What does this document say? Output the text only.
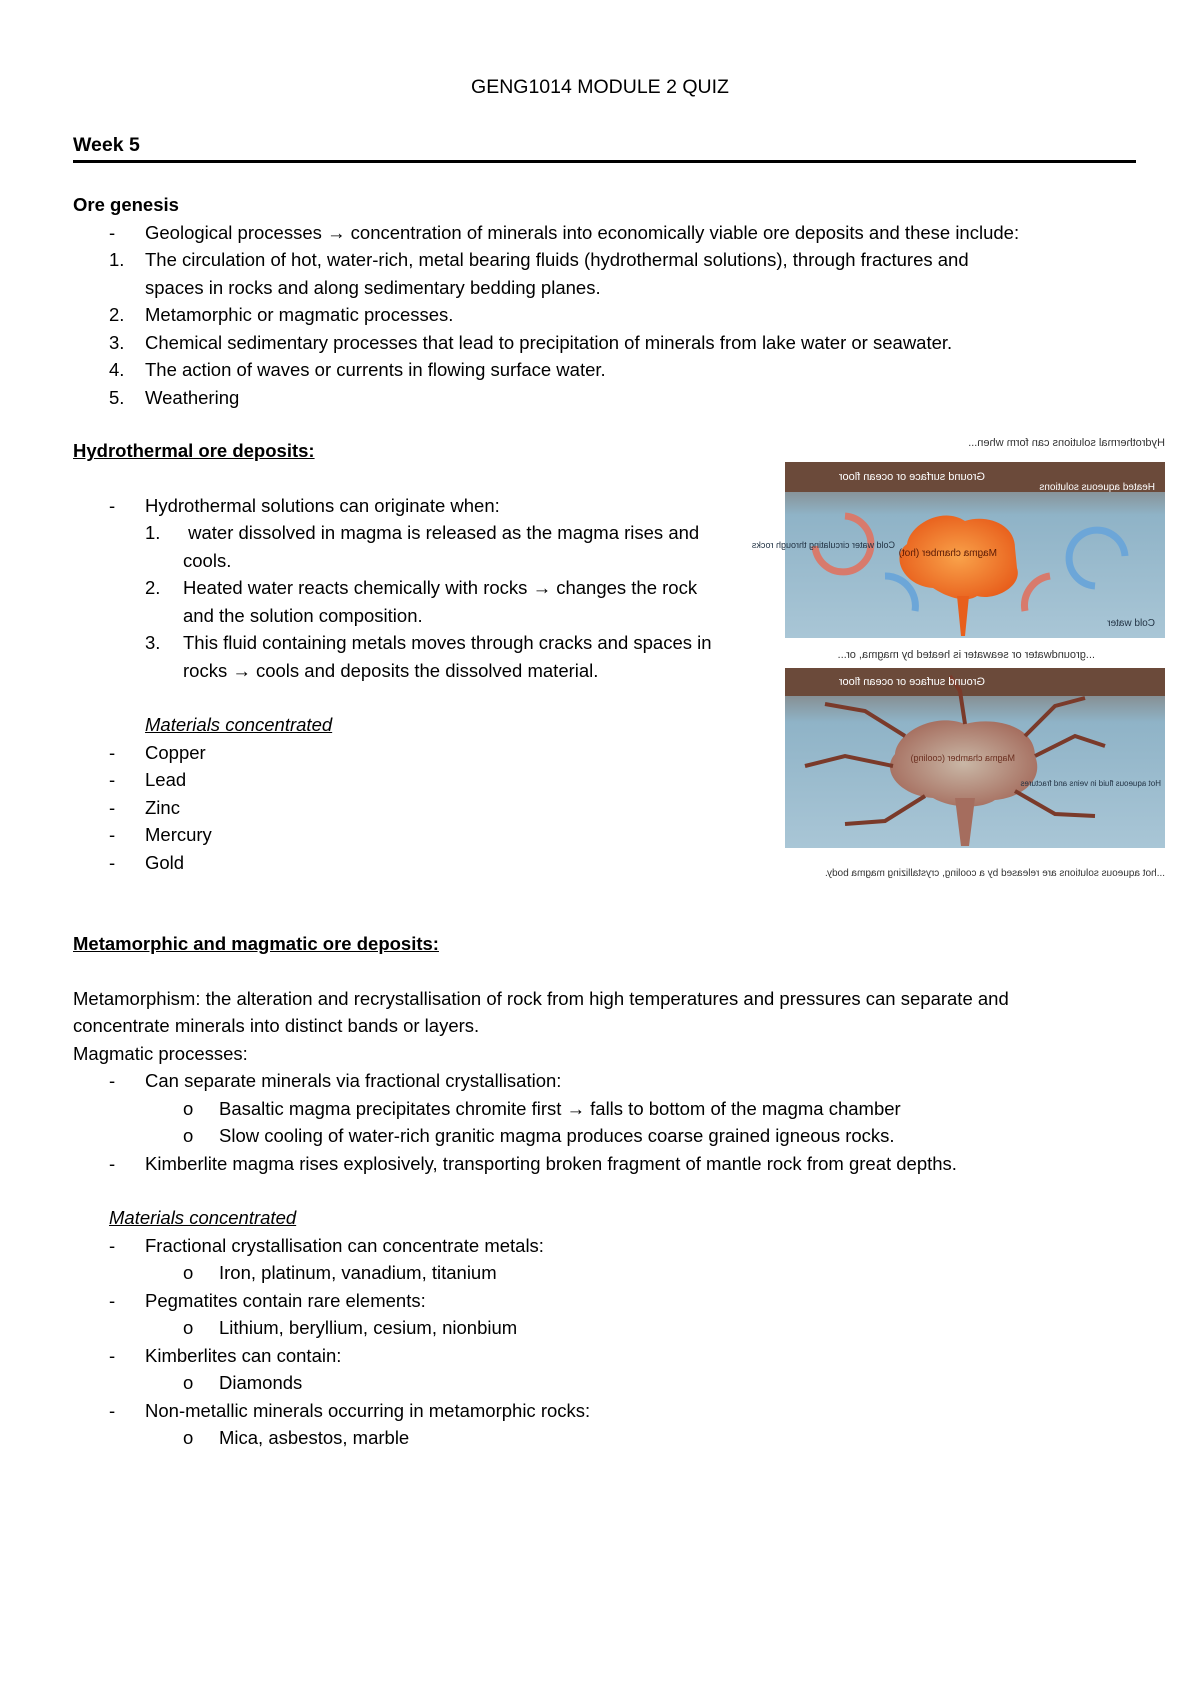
GENG1014 MODULE 2 QUIZ
Week 5
Ore genesis
-	Geological processes → concentration of minerals into economically viable ore deposits and these include:
1.	The circulation of hot, water-rich, metal bearing fluids (hydrothermal solutions), through fractures and
spaces in rocks and along sedimentary bedding planes.
2.	Metamorphic or magmatic processes.
3.	Chemical sedimentary processes that lead to precipitation of minerals from lake water or seawater.
4.	The action of waves or currents in flowing surface water.
5.	Weathering
Hydrothermal ore deposits:
-	Hydrothermal solutions can originate when:
1.	water dissolved in magma is released as the magma rises and
cools.
2.	Heated water reacts chemically with rocks → changes the rock
and the solution composition.
3.	This fluid containing metals moves through cracks and spaces in
rocks → cools and deposits the dissolved material.
Materials concentrated
-	Copper
-	Lead
-	Zinc
-	Mercury
-	Gold
Hydrothermal solutions can form when...
Ground surface or ocean floor
Heated aqueous solutions
Magma chamber (hot)
Cold water circulating through rocks
Cold water
...groundwater or seawater is heated by magma, or...
Ground surface or ocean floor
Magma chamber (cooling)
Hot aqueous fluid in veins and fractures
...hot aqueous solutions are released by a cooling, crystallizing magma body.
Metamorphic and magmatic ore deposits:
Metamorphism: the alteration and recrystallisation of rock from high temperatures and pressures can separate and
concentrate minerals into distinct bands or layers.
Magmatic processes:
-	Can separate minerals via fractional crystallisation:
o	Basaltic magma precipitates chromite first → falls to bottom of the magma chamber
o	Slow cooling of water-rich granitic magma produces coarse grained igneous rocks.
-	Kimberlite magma rises explosively, transporting broken fragment of mantle rock from great depths.
Materials concentrated
-	Fractional crystallisation can concentrate metals:
o	Iron, platinum, vanadium, titanium
-	Pegmatites contain rare elements:
o	Lithium, beryllium, cesium, nionbium
-	Kimberlites can contain:
o	Diamonds
-	Non-metallic minerals occurring in metamorphic rocks:
o	Mica, asbestos, marble
